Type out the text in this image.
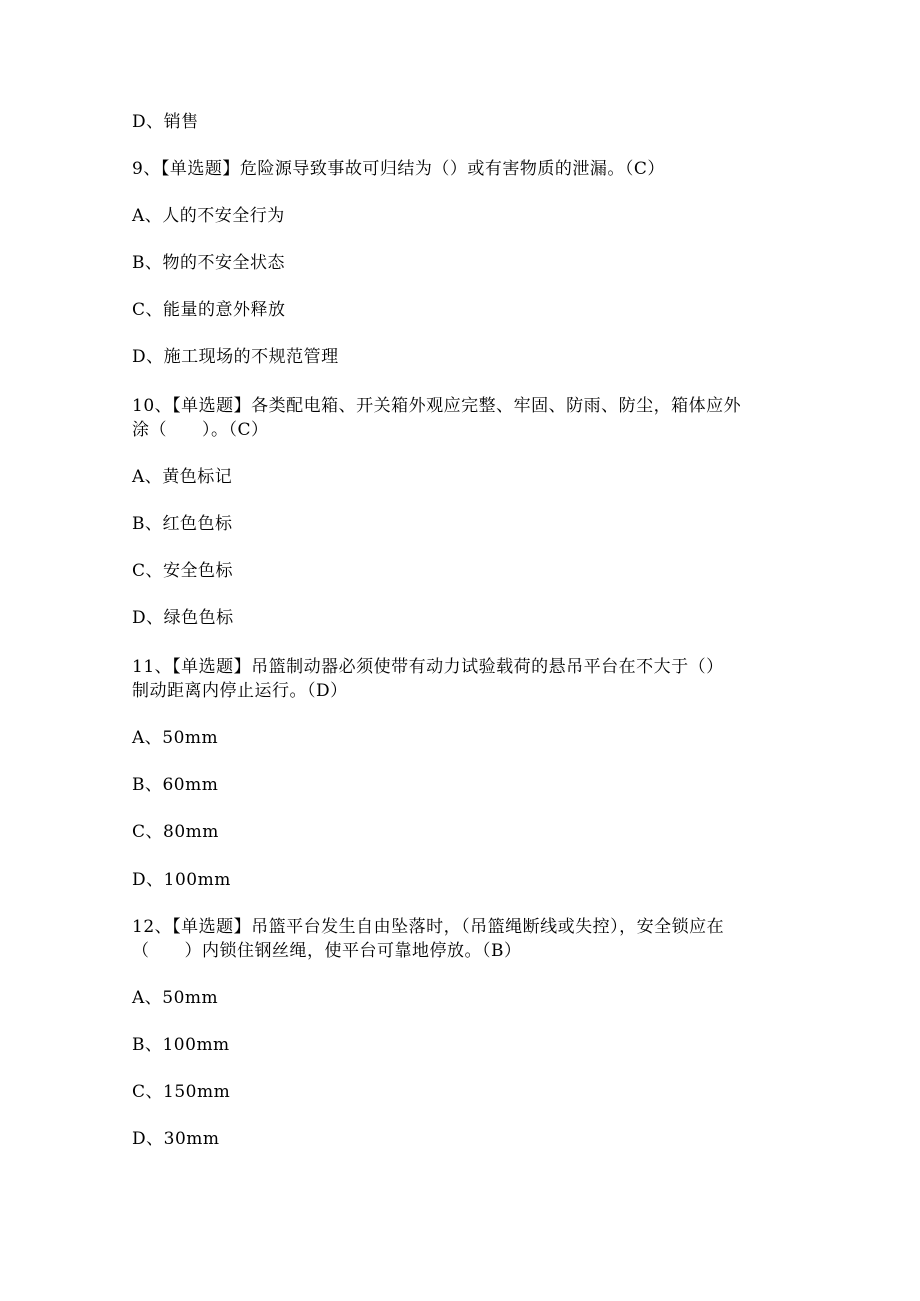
D、销售
9、【单选题】危险源导致事故可归结为（）或有害物质的泄漏。（C）
A、人的不安全行为
B、物的不安全状态
C、能量的意外释放
D、施工现场的不规范管理
10、【单选题】各类配电箱、开关箱外观应完整、牢固、防雨、防尘，箱体应外
涂（　　）。（C）
A、黄色标记
B、红色色标
C、安全色标
D、绿色色标
11、【单选题】吊篮制动器必须使带有动力试验载荷的悬吊平台在不大于（）
制动距离内停止运行。（D）
A、50mm
B、60mm
C、80mm
D、100mm
12、【单选题】吊篮平台发生自由坠落时，（吊篮绳断线或失控），安全锁应在
（　　）内锁住钢丝绳，使平台可靠地停放。（B）
A、50mm
B、100mm
C、150mm
D、30mm
